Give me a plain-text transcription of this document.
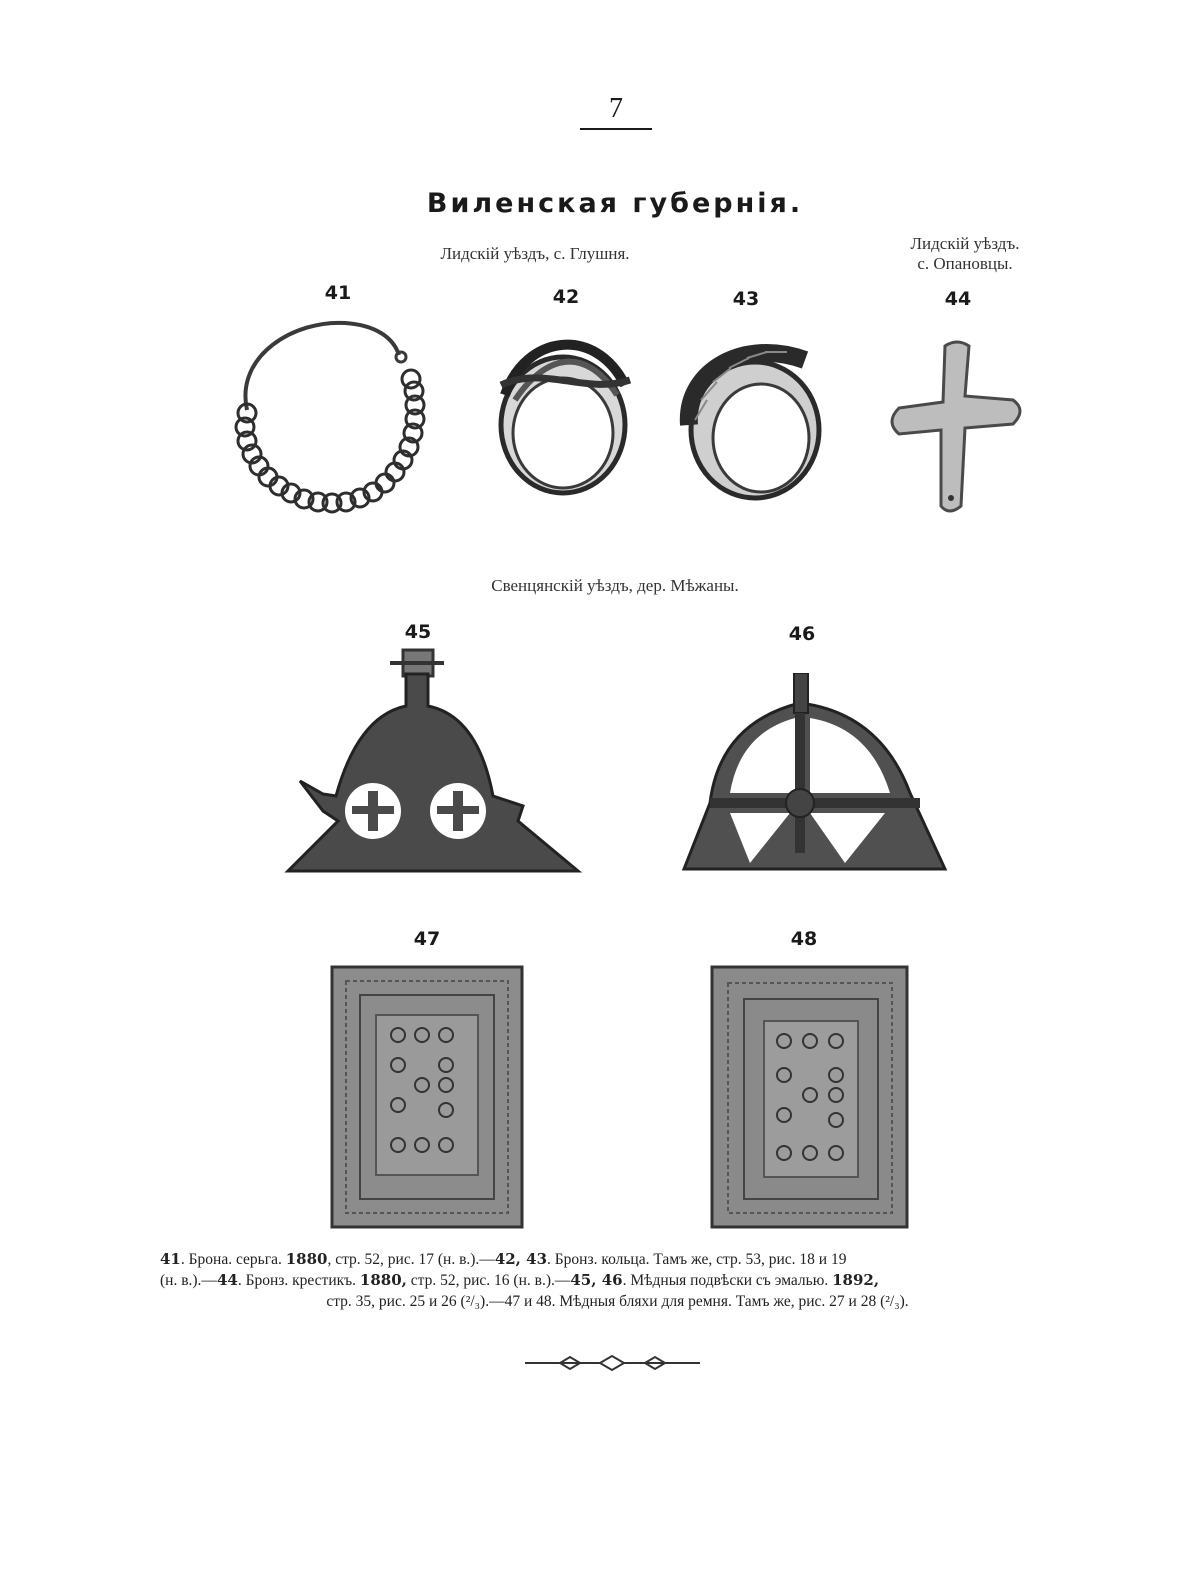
7
Виленская губернія.
Лидскій уѣздъ, с. Глушня.
Лидскій уѣздъ.
с. Опановцы.
Свенцянскій уѣздъ, дер. Мѣжаны.
41	42	43	44
45	46
47	48
41. Брона. серьга. 1880, стр. 52, рис. 17 (н. в.).—42, 43. Бронз. кольца. Тамъ же, стр. 53, рис. 18 и 19
(н. в.).—44. Бронз. крестикъ. 1880, стр. 52, рис. 16 (н. в.).—45, 46. Мѣдныя подвѣски съ эмалью. 1892,
стр. 35, рис. 25 и 26 (²/₃).—47 и 48. Мѣдныя бляхи для ремня. Тамъ же, рис. 27 и 28 (²/₃).
